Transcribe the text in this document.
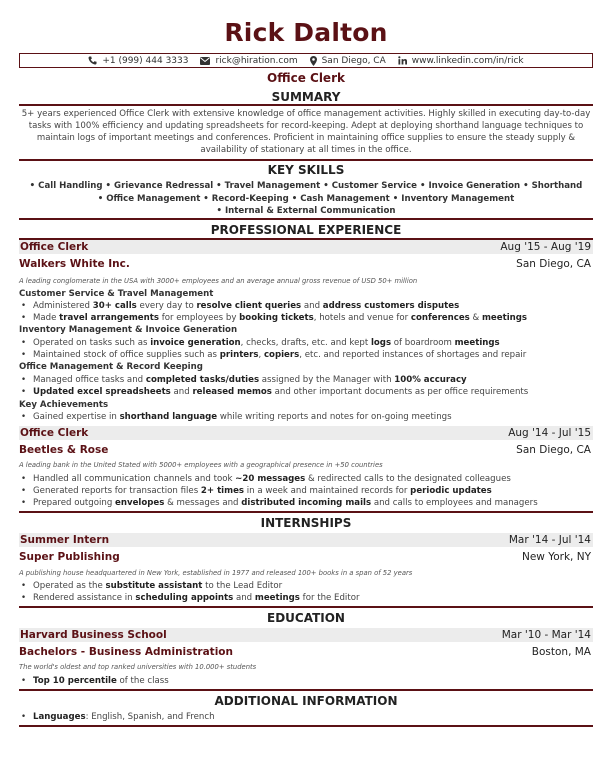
Rick Dalton
+1 (999) 444 3333	rick@hiration.com	San Diego, CA	www.linkedin.com/in/rick
Office Clerk
SUMMARY
5+ years experienced Office Clerk with extensive knowledge of office management activities. Highly skilled in executing day-to-day tasks with 100% efficiency and updating spreadsheets for record-keeping. Adept at deploying shorthand language techniques to maintain logs of important meetings and conferences. Proficient in maintaining office supplies to ensure the steady supply & availability of stationary at all times in the office.
KEY SKILLS
• Call Handling • Grievance Redressal • Travel Management • Customer Service • Invoice Generation • Shorthand
• Office Management • Record-Keeping • Cash Management • Inventory Management
• Internal & External Communication
PROFESSIONAL EXPERIENCE
Office Clerk	Aug '15 - Aug '19
Walkers White Inc.	San Diego, CA
A leading conglomerate in the USA with 3000+ employees and an average annual gross revenue of USD 50+ million
Customer Service & Travel Management
• Administered 30+ calls every day to resolve client queries and address customers disputes
• Made travel arrangements for employees by booking tickets, hotels and venue for conferences & meetings
Inventory Management & Invoice Generation
• Operated on tasks such as invoice generation, checks, drafts, etc. and kept logs of boardroom meetings
• Maintained stock of office supplies such as printers, copiers, etc. and reported instances of shortages and repair
Office Management & Record Keeping
• Managed office tasks and completed tasks/duties assigned by the Manager with 100% accuracy
• Updated excel spreadsheets and released memos and other important documents as per office requirements
Key Achievements
• Gained expertise in shorthand language while writing reports and notes for on-going meetings
Office Clerk	Aug '14 - Jul '15
Beetles & Rose	San Diego, CA
A leading bank in the United Stated with 5000+ employees with a geographical presence in +50 countries
• Handled all communication channels and took ~20 messages & redirected calls to the designated colleagues
• Generated reports for transaction files 2+ times in a week and maintained records for periodic updates
• Prepared outgoing envelopes & messages and distributed incoming mails and calls to employees and managers
INTERNSHIPS
Summer Intern	Mar '14 - Jul '14
Super Publishing	New York, NY
A publishing house headquartered in New York, established in 1977 and released 100+ books in a span of 52 years
• Operated as the substitute assistant to the Lead Editor
• Rendered assistance in scheduling appoints and meetings for the Editor
EDUCATION
Harvard Business School	Mar '10 - Mar '14
Bachelors - Business Administration	Boston, MA
The world's oldest and top ranked universities with 10.000+ students
• Top 10 percentile of the class
ADDITIONAL INFORMATION
• Languages: English, Spanish, and French
